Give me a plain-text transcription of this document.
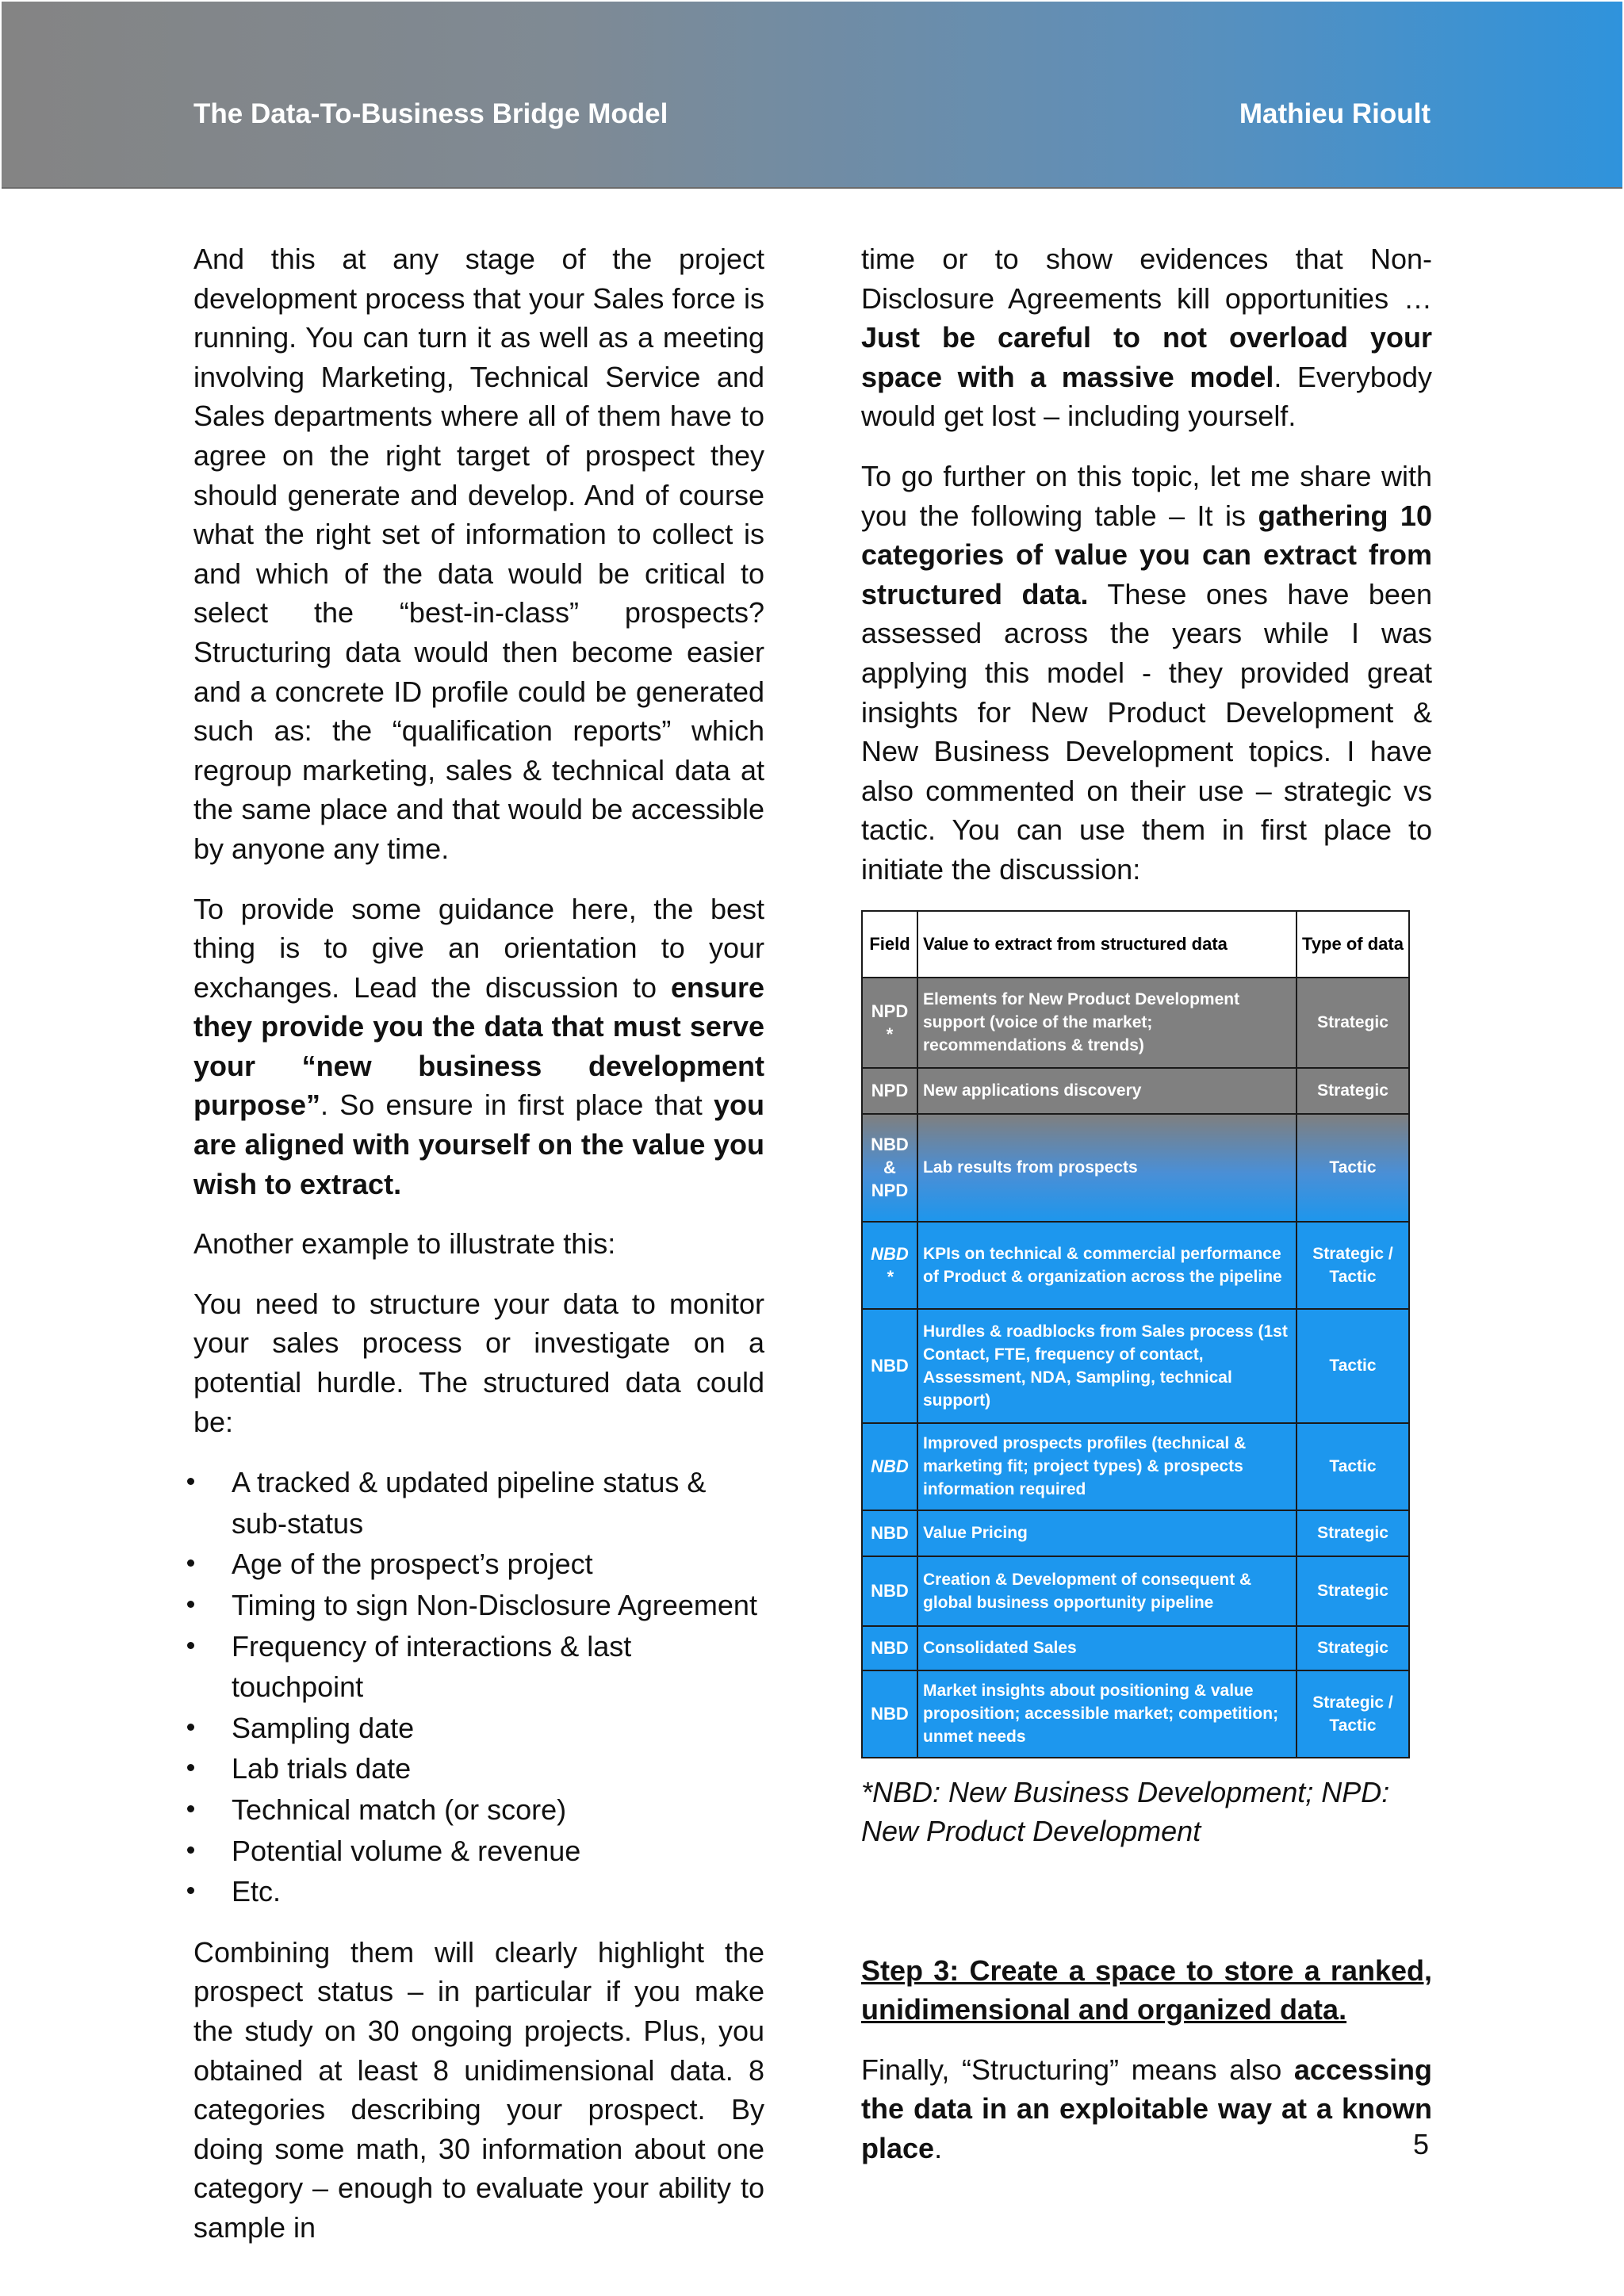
The Data-To-Business Bridge Model	Mathieu Rioult

And this at any stage of the project development process that your Sales force is running. You can turn it as well as a meeting involving Marketing, Technical Service and Sales departments where all of them have to agree on the right target of prospect they should generate and develop. And of course what the right set of information to collect is and which of the data would be critical to select the “best-in-class” prospects? Structuring data would then become easier and a concrete ID profile could be generated such as: the “qualification reports” which regroup marketing, sales & technical data at the same place and that would be accessible by anyone any time.

To provide some guidance here, the best thing is to give an orientation to your exchanges. Lead the discussion to ensure they provide you the data that must serve your “new business development purpose”. So ensure in first place that you are aligned with yourself on the value you wish to extract.

Another example to illustrate this:

You need to structure your data to monitor your sales process or investigate on a potential hurdle. The structured data could be:

A tracked & updated pipeline status & sub-status
Age of the prospect’s project
Timing to sign Non-Disclosure Agreement
Frequency of interactions & last touchpoint
Sampling date
Lab trials date
Technical match (or score)
Potential volume & revenue
Etc.

Combining them will clearly highlight the prospect status – in particular if you make the study on 30 ongoing projects. Plus, you obtained at least 8 unidimensional data. 8 categories describing your prospect. By doing some math, 30 information about one category – enough to evaluate your ability to sample in

time or to show evidences that Non-Disclosure Agreements kill opportunities … Just be careful to not overload your space with a massive model. Everybody would get lost – including yourself.

To go further on this topic, let me share with you the following table – It is gathering 10 categories of value you can extract from structured data. These ones have been assessed across the years while I was applying this model - they provided great insights for New Product Development & New Business Development topics. I have also commented on their use – strategic vs tactic. You can use them in first place to initiate the discussion:

Field	Value to extract from structured data	Type of data
NPD *	Elements for New Product Development support (voice of the market; recommendations & trends)	Strategic
NPD	New applications discovery	Strategic
NBD & NPD	Lab results from prospects	Tactic
NBD *	KPIs on technical & commercial performance of Product & organization across the pipeline	Strategic / Tactic
NBD	Hurdles & roadblocks from Sales process (1st Contact, FTE, frequency of contact, Assessment, NDA, Sampling, technical support)	Tactic
NBD	Improved prospects profiles (technical & marketing fit; project types) & prospects information required	Tactic
NBD	Value Pricing	Strategic
NBD	Creation & Development of consequent & global business opportunity pipeline	Strategic
NBD	Consolidated Sales	Strategic
NBD	Market insights about positioning & value proposition; accessible market; competition; unmet needs	Strategic / Tactic

*NBD: New Business Development; NPD: New Product Development

Step 3: Create a space to store a ranked, unidimensional and organized data.

Finally, “Structuring” means also accessing the data in an exploitable way at a known place.	5
